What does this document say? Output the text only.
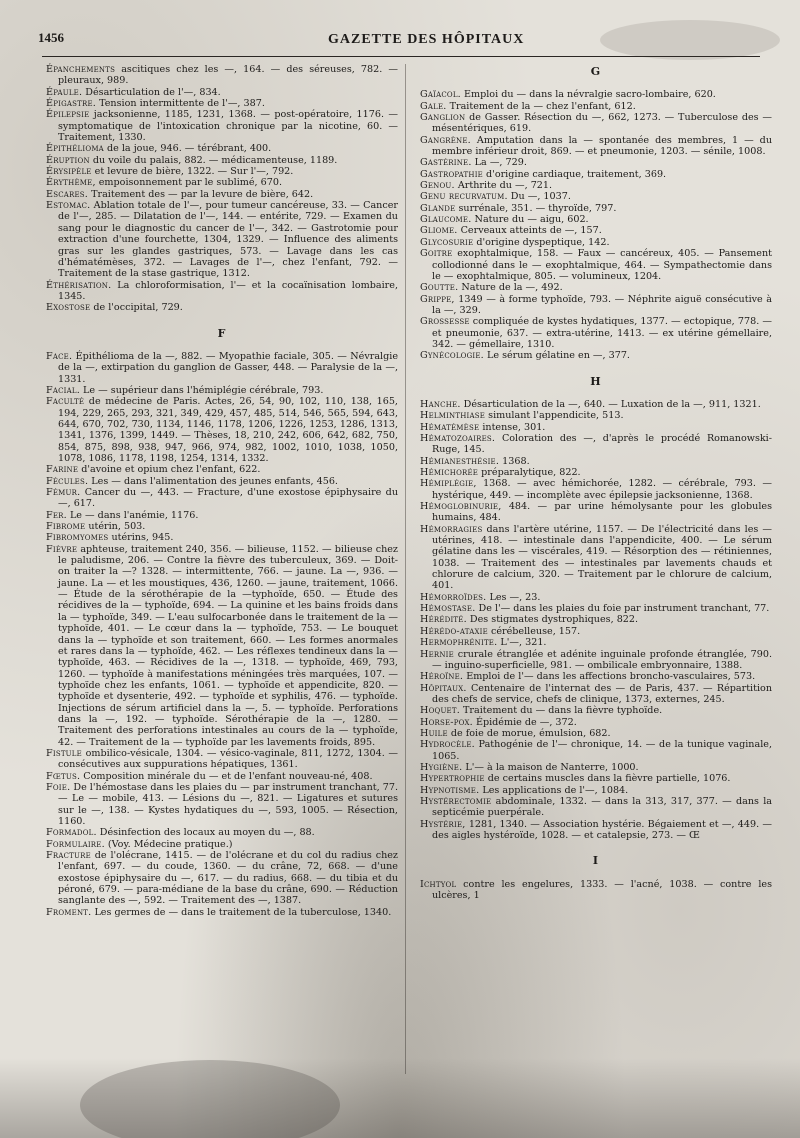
1456	GAZETTE DES HÔPITAUX

Épanchements ascitiques chez les —, 164. — des séreuses, 782. — pleuraux, 989.

Épaule. Désarticulation de l'—, 834.

Épigastre. Tension intermittente de l'—, 387.

Épilepsie jacksonienne, 1185, 1231, 1368. — post-opératoire, 1176. — symptomatique de l'intoxication chronique par la nicotine, 60. — Traitement, 1330.

Épithélioma de la joue, 946. — térébrant, 400.

Éruption du voile du palais, 882. — médicamenteuse, 1189.

Érysipèle et levure de bière, 1322. — Sur l'—, 792.

Érythème, empoisonnement par le sublimé, 670.

Escares. Traitement des — par la levure de bière, 642.

Estomac. Ablation totale de l'—, pour tumeur cancéreuse, 33. — Cancer de l'—, 285. — Dilatation de l'—, 144. — entérite, 729. — Examen du sang pour le diagnostic du cancer de l'—, 342. — Gastrotomie pour extraction d'une fourchette, 1304, 1329. — Influence des aliments gras sur les glandes gastriques, 573. — Lavage dans les cas d'hématémèses, 372. — Lavages de l'—, chez l'enfant, 792. — Traitement de la stase gastrique, 1312.

Éthérisation. La chloroformisation, l'— et la cocaïnisation lombaire, 1345.

Exostose de l'occipital, 729.

F

Face. Épithélioma de la —, 882. — Myopathie faciale, 305. — Névralgie de la —, extirpation du ganglion de Gasser, 448. — Paralysie de la —, 1331.

Facial. Le — supérieur dans l'hémiplégie cérébrale, 793.

Faculté de médecine de Paris. Actes, 26, 54, 90, 102, 110, 138, 165, 194, 229, 265, 293, 321, 349, 429, 457, 485, 514, 546, 565, 594, 643, 644, 670, 702, 730, 1134, 1146, 1178, 1206, 1226, 1253, 1286, 1313, 1341, 1376, 1399, 1449. — Thèses, 18, 210, 242, 606, 642, 682, 750, 854, 875, 898, 938, 947, 966, 974, 982, 1002, 1010, 1038, 1050, 1078, 1086, 1178, 1198, 1254, 1314, 1332.

Farine d'avoine et opium chez l'enfant, 622.

Fécules. Les — dans l'alimentation des jeunes enfants, 456.

Fémur. Cancer du —, 443. — Fracture, d'une exostose épiphysaire du —, 617.

Fer. Le — dans l'anémie, 1176.

Fibrome utérin, 503.

Fibromyomes utérins, 945.

Fièvre aphteuse, traitement 240, 356. — bilieuse, 1152. — bilieuse chez le paludisme, 206. — Contre la fièvre des tuberculeux, 369. — Doit-on traiter la —? 1328. — intermittente, 766. — jaune. La —, 936. — jaune. La — et les moustiques, 436, 1260. — jaune, traitement, 1066. — Étude de la sérothérapie de la —typhoïde, 650. — Étude des récidives de la — typhoïde, 694. — La quinine et les bains froids dans la — typhoïde, 349. — L'eau sulfocarbonée dans le traitement de la — typhoïde, 401. — Le cœur dans la — typhoïde, 753. — Le bouquet dans la — typhoïde et son traitement, 660. — Les formes anormales et rares dans la — typhoïde, 462. — Les réflexes tendineux dans la — typhoïde, 463. — Récidives de la —, 1318. — typhoïde, 469, 793, 1260. — typhoïde à manifestations méningées très marquées, 107. — typhoïde chez les enfants, 1061. — typhoïde et appendicite, 820. — typhoïde et dysenterie, 492. — typhoïde et syphilis, 476. — typhoïde. Injections de sérum artificiel dans la —, 5. — typhoïde. Perforations dans la —, 192. — typhoïde. Sérothérapie de la —, 1280. — Traitement des perforations intestinales au cours de la — typhoïde, 42. — Traitement de la — typhoïde par les lavements froids, 895.

Fistule ombilico-vésicale, 1304. — vésico-vaginale, 811, 1272, 1304. — consécutives aux suppurations hépatiques, 1361.

Fœtus. Composition minérale du — et de l'enfant nouveau-né, 408.

Foie. De l'hémostase dans les plaies du — par instrument tranchant, 77. — Le — mobile, 413. — Lésions du —, 821. — Ligatures et sutures sur le —, 138. — Kystes hydatiques du —, 593, 1005. — Résection, 1160.

Formadol. Désinfection des locaux au moyen du —, 88.

Formulaire. (Voy. Médecine pratique.)

Fracture de l'olécrane, 1415. — de l'olécrane et du col du radius chez l'enfant, 697. — du coude, 1360. — du crâne, 72, 668. — d'une exostose épiphysaire du —, 617. — du radius, 668. — du tibia et du péroné, 679. — para-médiane de la base du crâne, 690. — Réduction sanglante des —, 592. — Traitement des —, 1387.

Froment. Les germes de — dans le traitement de la tuberculose, 1340.

G

Gaïacol. Emploi du — dans la névralgie sacro-lombaire, 620.

Gale. Traitement de la — chez l'enfant, 612.

Ganglion de Gasser. Résection du —, 662, 1273. — Tuberculose des — mésentériques, 619.

Gangrène. Amputation dans la — spontanée des membres, 1 — du membre inférieur droit, 869. — et pneumonie, 1203. — sénile, 1008.

Gastérine. La —, 729.

Gastropathie d'origine cardiaque, traitement, 369.

Genou. Arthrite du —, 721.

Genu recurvatum. Du —, 1037.

Glande surrénale, 351. — thyroïde, 797.

Glaucome. Nature du — aigu, 602.

Gliome. Cerveaux atteints de —, 157.

Glycosurie d'origine dyspeptique, 142.

Goitre exophtalmique, 158. — Faux — cancéreux, 405. — Pansement collodionné dans le — exophtalmique, 464. — Sympathectomie dans le — exophtalmique, 805. — volumineux, 1204.

Goutte. Nature de la —, 492.

Grippe, 1349 — à forme typhoïde, 793. — Néphrite aiguë consécutive à la —, 329.

Grossesse compliquée de kystes hydatiques, 1377. — ectopique, 778. — et pneumonie, 637. — extra-utérine, 1413. — ex utérine gémellaire, 342. — gémellaire, 1310.

Gynécologie. Le sérum gélatine en —, 377.

H

Hanche. Désarticulation de la —, 640. — Luxation de la —, 911, 1321.

Helminthiase simulant l'appendicite, 513.

Hématémèse intense, 301.

Hématozoaires. Coloration des —, d'après le procédé Romanowski-Ruge, 145.

Hémianesthésie. 1368.

Hémichorée préparalytique, 822.

Hémiplégie, 1368. — avec hémichorée, 1282. — cérébrale, 793. — hystérique, 449. — incomplète avec épilepsie jacksonienne, 1368.

Hémoglobinurie, 484. — par urine hémolysante pour les globules humains, 484.

Hémorragies dans l'artère utérine, 1157. — De l'électricité dans les — utérines, 418. — intestinale dans l'appendicite, 400. — Le sérum gélatine dans les — viscérales, 419. — Résorption des — rétiniennes, 1038. — Traitement des — intestinales par lavements chauds et chlorure de calcium, 320. — Traitement par le chlorure de calcium, 401.

Hémorroïdes. Les —, 23.

Hémostase. De l'— dans les plaies du foie par instrument tranchant, 77.

Hérédité. Des stigmates dystrophiques, 822.

Hérédo-ataxie cérébelleuse, 157.

Hermophrénite. L'—, 321.

Hernie crurale étranglée et adénite inguinale profonde étranglée, 790. — inguino-superficielle, 981. — ombilicale embryonnaire, 1388.

Héroïne. Emploi de l'— dans les affections broncho-vasculaires, 573.

Hôpitaux. Centenaire de l'internat des — de Paris, 437. — Répartition des chefs de service, chefs de clinique, 1373, externes, 245.

Hoquet. Traitement du — dans la fièvre typhoïde.

Horse-pox. Épidémie de —, 372.

Huile de foie de morue, émulsion, 682.

Hydrocèle. Pathogénie de l'— chronique, 14. — de la tunique vaginale, 1065.

Hygiène. L'— à la maison de Nanterre, 1000.

Hypertrophie de certains muscles dans la fièvre partielle, 1076.

Hypnotisme. Les applications de l'—, 1084.

Hystérectomie abdominale, 1332. — dans la 313, 317, 377. — dans la septicémie puerpérale.

Hystérie, 1281, 1340. — Association hystérie. Bégaiement et —, 449. — des aigles hystéroïde, 1028. — et catalepsie, 273. — Œ

I

Ichtyol contre les engelures, 1333. — l'acné, 1038. — contre les ulcères, 1
